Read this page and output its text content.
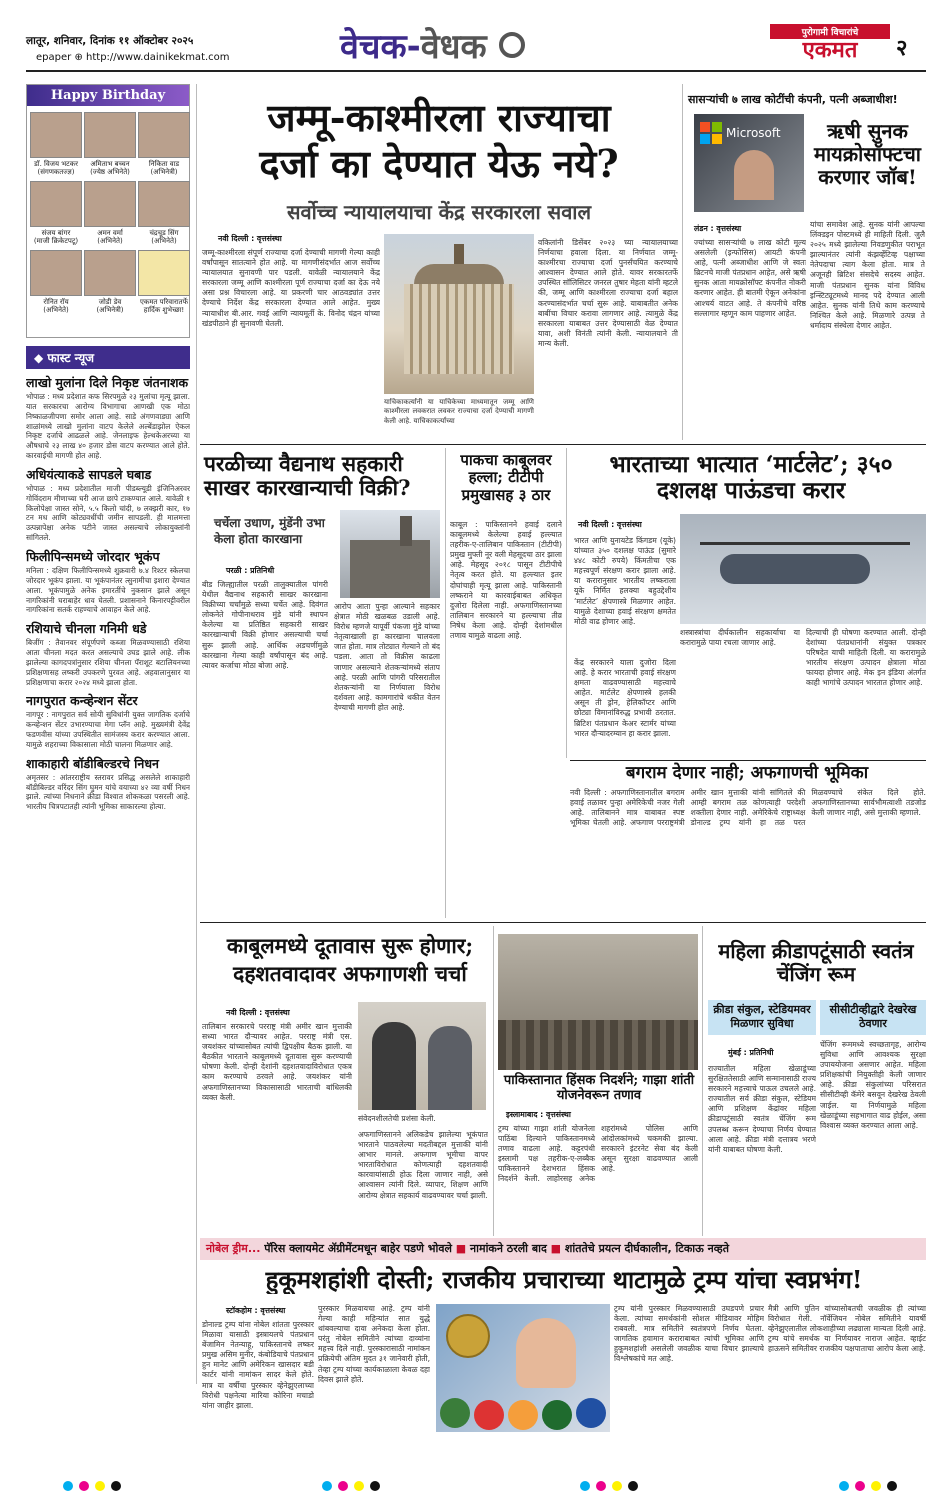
लातूर, शनिवार, दिनांक ११ ऑक्टोबर २०२५
epaper ⊕ http://www.dainikekmat.com	वेचक-वेधक	पुरोगामी विचारांचे
एकमत	२
Happy Birthday
डॉ. विजय भटकर
(संगणकतज्ज्ञ)
अमिताभ बच्चन
(ज्येष्ठ अभिनेते)
निकिता वाड
(अभिनेत्री)
संजय बांगर
(माजी क्रिकेटपटू)
अमन वर्मा
(अभिनेते)
चंद्रचूड सिंग
(अभिनेते)
रोनित रॉय
(अभिनेते)
जोडी डेव
(अभिनेत्री)
एकमत परिवारातर्फे
हार्दिक शुभेच्छा!
◆ फास्ट न्यूज
लाखो मुलांना दिले निकृष्ट जंतनाशक
भोपाळ : मध्य प्रदेशात कफ सिरपमुळे २३ मुलांचा मृत्यू झाला. यात सरकारचा आरोग्य विभागाचा आणखी एक मोठा निष्काळजीपणा समोर आला आहे. साडे अंगणवाड्या आणि शाळांमध्ये लाखो मुलांना वाटप केलेले अल्बेंडाझोल ऐकल निकृष्ट दर्जाचे आढळले आहे. जेनलाइफ हेल्थकेअरच्या या औषधाचे २३ लाख ४० हजार डोस वाटप करण्यात आले होते. कारवाईची मागणी होत आहे.
अधियंत्याकडे सापडले घबाड
भोपाळ : मध्य प्रदेशातील माजी पीडब्ल्यूडी इंजिनिअरवर गोविंदराम मीणाच्या घरी आज छापे टाकण्यात आले. यावेळी १ किलोपेक्षा जास्त सोने, ५.५ किलो चांदी, ७ लक्झरी कार, १७ टन मध आणि कोट्यवधींची जमीन सापडली. ही मालमत्ता उत्पन्नापेक्षा अनेक पटीने जास्त असल्याचे लोकायुक्तांनी सांगितले.
फिलीपिन्समध्ये जोरदार भूकंप
मनिला : दक्षिण फिलीपिन्समध्ये शुक्रवारी ७.४ रिश्टर स्केलचा जोरदार भूकंप झाला. या भूकंपानंतर त्सुनामीचा इशारा देण्यात आला. भूकंपामुळे अनेक इमारतींचे नुकसान झाले असून नागरिकांनी घराबाहेर धाव घेतली. प्रशासनाने किनारपट्टीवरील नागरिकांना सतर्क राहण्याचे आवाहन केले आहे.
रशियाचे चीनला गनिमी धडे
बिजींग : तैवानवर संपूर्णपणे कब्जा मिळवण्यासाठी रशिया आता चीनला मदत करत असल्याचे उघड झाले आहे. लीक झालेल्या कागदपत्रांनुसार रशिया चीनला पॅराशूट बटालियनच्या प्रशिक्षणासह लष्करी उपकरणे पुरवत आहे. अहवालानुसार या प्रशिक्षणाचा करार २०२४ मध्ये झाला होता.
नागपुरात कन्व्हेन्शन सेंटर
नागपूर : नागपुरात सर्व सोयी सुविधांनी युक्त जागतिक दर्जाचे कन्व्हेन्शन सेंटर उभारण्याचा मेगा प्लॅन आहे. मुख्यमंत्री देवेंद्र फडणवीस यांच्या उपस्थितीत सामंजस्य करार करण्यात आला. यामुळे शहराच्या विकासाला मोठी चालना मिळणार आहे.
शाकाहारी बॉडीबिल्डरचे निधन
अमृतसर : आंतरराष्ट्रीय स्तरावर प्रसिद्ध असलेले शाकाहारी बॉडीबिल्डर वरिंदर सिंग घुमन यांचे वयाच्या ४२ व्या वर्षी निधन झाले. त्यांच्या निधनाने क्रीडा विश्वात शोककळा पसरली आहे. भारतीय चित्रपटातही त्यांनी भूमिका साकारल्या होत्या.
जम्मू-काश्मीरला राज्याचा
दर्जा का देण्यात येऊ नये?
सर्वोच्च न्यायालयाचा केंद्र सरकारला सवाल
नवी दिल्ली : वृत्तसंस्था
जम्मू-काश्मीरला संपूर्ण राज्याचा दर्जा देण्याची मागणी गेल्या काही वर्षांपासून सातत्याने होत आहे. या मागणीसंदर्भात आज सर्वोच्च न्यायालयात सुनावणी पार पडली. यावेळी न्यायालयाने केंद्र सरकारला जम्मू आणि काश्मीरला पूर्ण राज्याचा दर्जा का देऊ नये असा प्रश्न विचारला आहे. या प्रकरणी चार आठवड्यांत उत्तर देण्याचे निर्देश केंद्र सरकारला देण्यात आले आहेत. मुख्य न्यायाधीश बी.आर. गवई आणि न्यायमूर्ती के. विनोद चंद्रन यांच्या खंडपीठाने ही सुनावणी घेतली.
याचिकाकर्त्यांनी या याचिकेच्या माध्यमातून जम्मू आणि काश्मीरला लवकरात लवकर राज्याचा दर्जा देण्याची मागणी केली आहे. याचिकाकर्त्यांच्या
वकिलांनी डिसेंबर २०२३ च्या न्यायालयाच्या निर्णयाचा हवाला दिला. या निर्णयात जम्मू-काश्मीरचा राज्याचा दर्जा पुनर्संचयित करण्याचे आश्वासन देण्यात आले होते. यावर सरकारतर्फे उपस्थित सॉलिसिटर जनरल तुषार मेहता यांनी म्हटले की, जम्मू आणि काश्मीरला राज्याचा दर्जा बहाल करण्यासंदर्भात चर्चा सुरू आहे. याबाबतीत अनेक बाबींचा विचार करावा लागणार आहे. त्यामुळे केंद्र सरकारला याबाबत उत्तर देण्यासाठी वेळ देण्यात यावा, अशी विनंती त्यांनी केली. न्यायालयाने ती मान्य केली.
सासऱ्यांची ७ लाख कोटींची कंपनी, पत्नी अब्जाधीश!
Microsoft	ऋषी सुनक मायक्रोसॉफ्टचा करणार जॉब!
लंडन : वृत्तसंस्था
ज्यांच्या सासऱ्यांची ७ लाख कोटी मूल्य असलेली (इन्फोसिस) आयटी कंपनी आहे, पत्नी अब्जाधीश आणि जे स्वतः ब्रिटनचे माजी पंतप्रधान आहेत, असे ऋषी सुनक आता मायक्रोसॉफ्ट कंपनीत नोकरी करणार आहेत. ही बातमी ऐकून अनेकांना आश्चर्य वाटत आहे. ते कंपनीचे वरिष्ठ सल्लागार म्हणून काम पाहणार आहेत.
यांचा समावेश आहे. सुनक यांनी आपल्या लिंक्डइन पोस्टमध्ये ही माहिती दिली. जुलै २०२५ मध्ये झालेल्या निवडणुकीत पराभूत झाल्यानंतर त्यांनी कंझर्व्हेटिव्ह पक्षाच्या नेतेपदाचा त्याग केला होता. मात्र ते अजूनही ब्रिटिश संसदेचे सदस्य आहेत. माजी पंतप्रधान सुनक यांना विविध इन्स्टिट्यूटमध्ये मानद पदे देण्यात आली आहेत. सुनक यांनी तिथे काम करण्याचे निश्चित केले आहे. मिळणारे उत्पन्न ते धर्मादाय संस्थेला देणार आहेत.
परळीच्या वैद्यनाथ सहकारी साखर कारखान्याची विक्री?
चर्चेला उधाण, मुंडेंनी उभा केला होता कारखाना
परळी : प्रतिनिधी
बीड जिल्ह्यातील परळी तालुक्यातील पांगरी येथील वैद्यनाथ सहकारी साखर कारखाना विक्रीच्या चर्चांमुळे सध्या चर्चेत आहे. दिवंगत लोकनेते गोपीनाथराव मुंडे यांनी स्थापन केलेल्या या प्रतिष्ठित सहकारी साखर कारखान्याची विक्री होणार असल्याची चर्चा सुरू झाली आहे. आर्थिक अडचणींमुळे कारखाना गेल्या काही वर्षांपासून बंद आहे. त्यावर कर्जाचा मोठा बोजा आहे.
आरोप आता पुन्हा आल्याने सहकार क्षेत्रात मोठी खळबळ उडाली आहे. विरोध म्हणजे यापूर्वी पंकजा मुंडे यांच्या नेतृत्वाखाली हा कारखाना चालवला जात होता. मात्र तोट्यात गेल्याने तो बंद पडला. आता तो विक्रीस काढला जाणार असल्याने शेतकऱ्यांमध्ये संताप आहे. परळी आणि पांगरी परिसरातील शेतकऱ्यांनी या निर्णयाला विरोध दर्शवला आहे. कामगारांचे थकीत वेतन देण्याची मागणी होत आहे.
पाकचा काबूलवर हल्ला; टीटीपी प्रमुखासह ३ ठार
काबूल : पाकिस्तानने हवाई दलाने काबूलमध्ये केलेल्या हवाई हल्ल्यात तहरीक-ए-तालिबान पाकिस्तान (टीटीपी) प्रमुख मुफ्ती नूर वली मेहसूदचा ठार झाला आहे. मेहसूद २०१८ पासून टीटीपीचे नेतृत्व करत होते. या हल्ल्यात इतर दोघांचाही मृत्यू झाला आहे. पाकिस्तानी लष्कराने या कारवाईबाबत अधिकृत दुजोरा दिलेला नाही. अफगाणिस्तानच्या तालिबान सरकारने या हल्ल्याचा तीव्र निषेध केला आहे. दोन्ही देशांमधील तणाव यामुळे वाढला आहे.
भारताच्या भात्यात ‘मार्टलेट’; ३५० दशलक्ष पाऊंडचा करार
नवी दिल्ली : वृत्तसंस्था
भारत आणि युनायटेड किंगडम (यूके) यांच्यात ३५० दशलक्ष पाऊंड (सुमारे ४४८ कोटी रुपये) किंमतीचा एक महत्त्वपूर्ण संरक्षण करार झाला आहे. या करारानुसार भारतीय लष्कराला यूके निर्मित हलक्या बहुउद्देशीय ‘मार्टलेट’ क्षेपणास्त्रे मिळणार आहेत. यामुळे देशाच्या हवाई संरक्षण क्षमतेत मोठी वाढ होणार आहे.
केंद्र सरकारने याला दुजोरा दिला आहे. हे करार भारताची हवाई संरक्षण क्षमता वाढवण्यासाठी महत्त्वाचे आहेत. मार्टलेट क्षेपणास्त्रे हलकी असून ती ड्रोन, हेलिकॉप्टर आणि छोट्या विमानांविरुद्ध प्रभावी ठरतात. ब्रिटिश पंतप्रधान केअर स्टार्मर यांच्या भारत दौऱ्यादरम्यान हा करार झाला.
शस्त्रास्त्रांचा दीर्घकालीन सहकार्याचा या करारामुळे पाया रचला जाणार आहे.
दिल्याची ही घोषणा करण्यात आली. दोन्ही देशांच्या पंतप्रधानांनी संयुक्त पत्रकार परिषदेत याची माहिती दिली. या करारामुळे भारतीय संरक्षण उत्पादन क्षेत्राला मोठा फायदा होणार आहे. मेक इन इंडिया अंतर्गत काही भागांचे उत्पादन भारतात होणार आहे.
बगराम देणार नाही; अफगाणची भूमिका
नवी दिल्ली : अफगाणिस्तानातील बगराम हवाई तळावर पुन्हा अमेरिकेची नजर गेली आहे. तालिबानने मात्र याबाबत स्पष्ट भूमिका घेतली आहे. अफगाण परराष्ट्रमंत्री अमीर खान मुत्ताकी यांनी सांगितले की आम्ही बगराम तळ कोणत्याही परदेशी शक्तीला देणार नाही. अमेरिकेचे राष्ट्राध्यक्ष डोनाल्ड ट्रम्प यांनी हा तळ परत मिळवण्याचे संकेत दिले होते. अफगाणिस्तानच्या सार्वभौमत्वाशी तडजोड केली जाणार नाही, असे मुत्ताकी म्हणाले.
काबूलमध्ये दूतावास सुरू होणार;
दहशतवादावर अफगाणशी चर्चा
नवी दिल्ली : वृत्तसंस्था
तालिबान सरकारचे परराष्ट्र मंत्री अमीर खान मुत्ताकी सध्या भारत दौऱ्यावर आहेत. परराष्ट्र मंत्री एस. जयशंकर यांच्यासोबत त्यांची द्विपक्षीय बैठक झाली. या बैठकीत भारताने काबूलमध्ये दूतावास सुरू करण्याची घोषणा केली. दोन्ही देशांनी दहशतवादाविरोधात एकत्र काम करण्याचे ठरवले आहे. जयशंकर यांनी अफगाणिस्तानच्या विकासासाठी भारताची बांधिलकी व्यक्त केली.
संवेदनशीलतेची प्रशंसा केली.
अफगाणिस्तानने अलिकडेच झालेल्या भूकंपात भारताने पाठवलेल्या मदतीबद्दल मुत्ताकी यांनी आभार मानले. अफगाण भूमीचा वापर भारताविरोधात कोणत्याही दहशतवादी कारवायांसाठी होऊ दिला जाणार नाही, असे आश्वासन त्यांनी दिले. व्यापार, शिक्षण आणि आरोग्य क्षेत्रात सहकार्य वाढवण्यावर चर्चा झाली.
पाकिस्तानात हिंसक निदर्शने; गाझा शांती योजनेवरून तणाव
इस्लामाबाद : वृत्तसंस्था
ट्रम्प यांच्या गाझा शांती योजनेला पाठिंबा दिल्याने पाकिस्तानमध्ये तणाव वाढला आहे. कट्टरपंथी इस्लामी पक्ष तहरीक-ए-लब्बैक पाकिस्तानने देशभरात हिंसक निदर्शने केली. लाहोरसह अनेक शहरांमध्ये पोलिस आणि आंदोलकांमध्ये चकमकी झाल्या. सरकारने इंटरनेट सेवा बंद केली असून सुरक्षा वाढवण्यात आली आहे.
महिला क्रीडापटूंसाठी स्वतंत्र चेंजिंग रूम
क्रीडा संकुल, स्टेडियमवर मिळणार सुविधा
सीसीटीव्हीद्वारे देखरेख ठेवणार
मुंबई : प्रतिनिधी
राज्यातील महिला खेळाडूंच्या सुरक्षिततेसाठी आणि सन्मानासाठी राज्य सरकारने महत्त्वाचे पाऊल उचलले आहे. राज्यातील सर्व क्रीडा संकुल, स्टेडियम आणि प्रशिक्षण केंद्रांवर महिला क्रीडापटूंसाठी स्वतंत्र चेंजिंग रूम उपलब्ध करून देण्याचा निर्णय घेण्यात आला आहे. क्रीडा मंत्री दत्तात्रय भरणे यांनी याबाबत घोषणा केली.
चेंजिंग रूममध्ये स्वच्छतागृह, आरोग्य सुविधा आणि आवश्यक सुरक्षा उपाययोजना असणार आहेत. महिला प्रशिक्षकांची नियुक्तीही केली जाणार आहे. क्रीडा संकुलांच्या परिसरात सीसीटीव्ही कॅमेरे बसवून देखरेख ठेवली जाईल. या निर्णयामुळे महिला खेळाडूंच्या सहभागात वाढ होईल, असा विश्वास व्यक्त करण्यात आला आहे.
नोबेल ड्रीम... पॅरिस क्लायमेट ॲग्रीमेंटमधून बाहेर पडणे भोवले ■ नामांकने ठरली बाद ■ शांततेचे प्रयत्न दीर्घकालीन, टिकाऊ नव्हते
हुकूमशहांशी दोस्ती; राजकीय प्रचाराच्या थाटामुळे ट्रम्प यांचा स्वप्नभंग!
स्टॉकहोम : वृत्तसंस्था
डोनाल्ड ट्रम्प यांना नोबेल शांतता पुरस्कार मिळावा यासाठी इस्त्रायलचे पंतप्रधान बेंजामिन नेतन्याहू, पाकिस्तानचे लष्कर प्रमुख असिम मुनीर, कंबोडियाचे पंतप्रधान हुन मानेट आणि अमेरिकन खासदार बडी कार्टर यांनी नामांकन सादर केले होते. मात्र या वर्षीचा पुरस्कार व्हेनेझुएलाच्या विरोधी पक्षनेत्या मारिया कोरिना मचाडो यांना जाहीर झाला.
पुरस्कार मिळवायचा आहे. ट्रम्प यांनी गेल्या काही महिन्यांत सात युद्धे थांबवल्याचा दावा अनेकदा केला होता. परंतु नोबेल समितीने त्यांच्या दाव्यांना महत्त्व दिले नाही. पुरस्कारासाठी नामांकन प्रक्रियेची अंतिम मुदत ३१ जानेवारी होती, तेव्हा ट्रम्प यांच्या कार्यकाळाला केवळ दहा दिवस झाले होते.
ट्रम्प यांनी पुरस्कार मिळवण्यासाठी उघडपणे प्रचार केला. त्यांच्या समर्थकांनी सोशल मीडियावर मोहिम राबवली. मात्र समितीने स्वतंत्रपणे निर्णय घेतला. जागतिक हवामान कराराबाबत त्यांची भूमिका आणि हुकूमशहांशी असलेली जवळीक याचा विचार झाल्याचे विश्लेषकांचे मत आहे.
मैत्री आणि पुतिन यांच्यासोबतची जवळीक ही त्यांच्या विरोधात गेली. नॉर्वेजियन नोबेल समितीने यावर्षी व्हेनेझुएलातील लोकशाहीच्या लढ्याला मान्यता दिली आहे. ट्रम्प यांचे समर्थक या निर्णयावर नाराज आहेत. व्हाईट हाऊसने समितीवर राजकीय पक्षपाताचा आरोप केला आहे.
